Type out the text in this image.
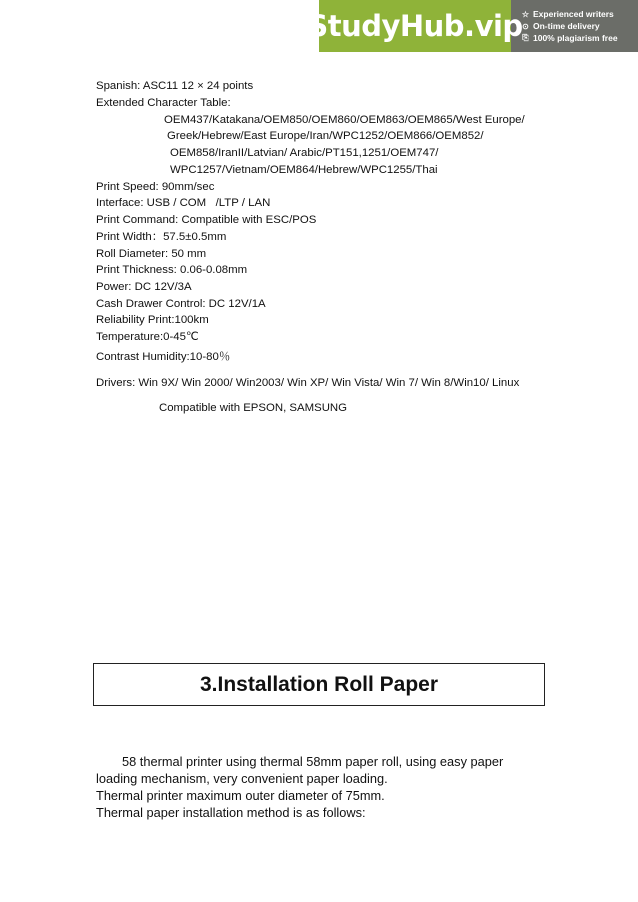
StudyHub.vip ☆ Experienced writers
⊙ On-time delivery
⎘ 100% plagiarism free
Spanish: ASC11 12 × 24 points
Extended Character Table:
OEM437/Katakana/OEM850/OEM860/OEM863/OEM865/West Europe/
Greek/Hebrew/East Europe/Iran/WPC1252/OEM866/OEM852/
OEM858/IranII/Latvian/ Arabic/PT151,1251/OEM747/
WPC1257/Vietnam/OEM864/Hebrew/WPC1255/Thai
Print Speed: 90mm/sec
Interface: USB / COM   /LTP / LAN
Print Command: Compatible with ESC/POS
Print Width：57.5±0.5mm
Roll Diameter: 50 mm
Print Thickness: 0.06-0.08mm
Power: DC 12V/3A
Cash Drawer Control: DC 12V/1A
Reliability Print:100km
Temperature:0-45℃
Contrast Humidity:10-80％
Drivers: Win 9X/ Win 2000/ Win2003/ Win XP/ Win Vista/ Win 7/ Win 8/Win10/ Linux
Compatible with EPSON, SAMSUNG
3.Installation Roll Paper
58 thermal printer using thermal 58mm paper roll, using easy paper
loading mechanism, very convenient paper loading.
Thermal printer maximum outer diameter of 75mm.
Thermal paper installation method is as follows:
